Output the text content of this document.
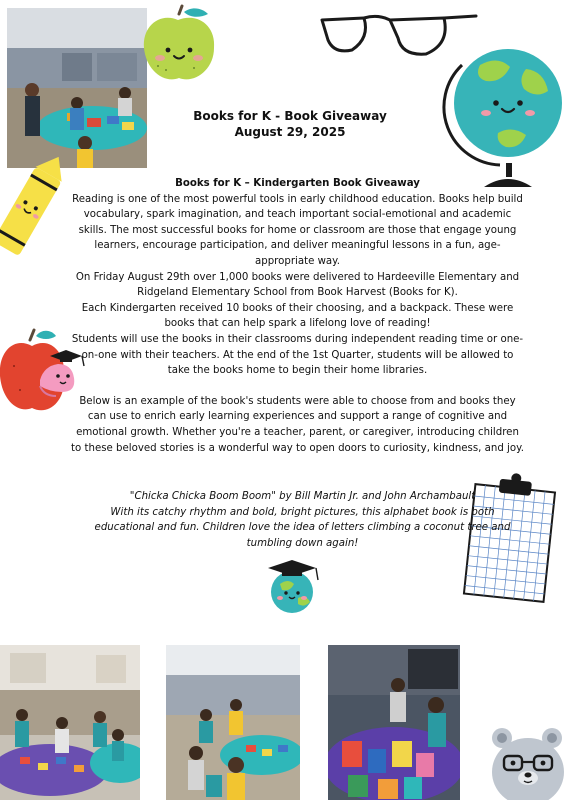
Books for K - Book Giveaway
August 29, 2025

Books for K – Kindergarten Book Giveaway

Reading is one of the most powerful tools in early childhood education. Books help build vocabulary, spark imagination, and teach important social-emotional and academic skills. The most successful books for home or classroom are those that engage young learners, encourage participation, and deliver meaningful lessons in a fun, age-appropriate way.

On Friday August 29th over 1,000 books were delivered to Hardeeville Elementary and Ridgeland Elementary School from Book Harvest (Books for K).

Each Kindergarten received 10 books of their choosing, and a backpack. These were books that can help spark a lifelong love of reading!

Students will use the books in their classrooms during independent reading time or one-on-one with their teachers. At the end of the 1st Quarter, students will be allowed to take the books home to begin their home libraries.

Below is an example of the book's students were able to choose from and books they can use to enrich early learning experiences and support a range of cognitive and emotional growth. Whether you're a teacher, parent, or caregiver, introducing children to these beloved stories is a wonderful way to open doors to curiosity, kindness, and joy.

"Chicka Chicka Boom Boom" by Bill Martin Jr. and John Archambault

With its catchy rhythm and bold, bright pictures, this alphabet book is both educational and fun. Children love the idea of letters climbing a coconut tree and tumbling down again!
